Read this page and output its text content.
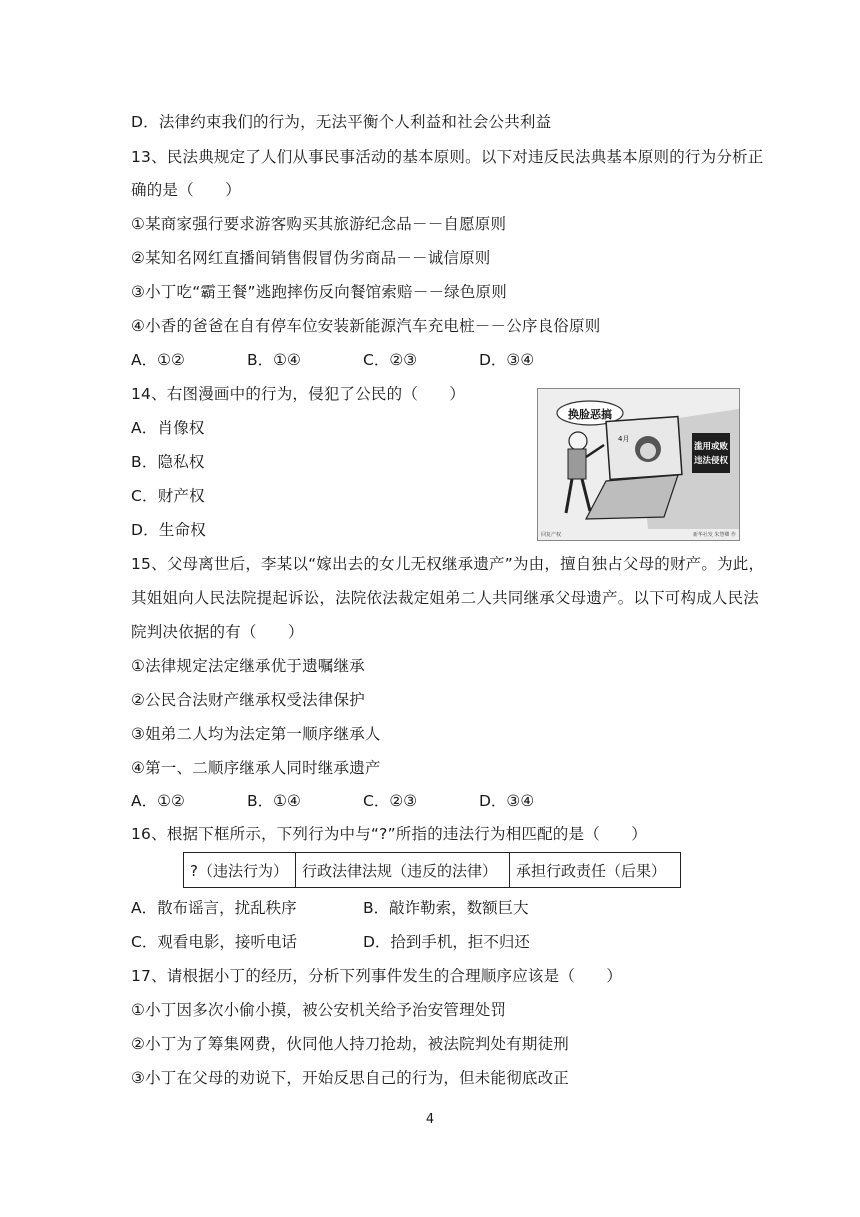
D．法律约束我们的行为，无法平衡个人利益和社会公共利益
13、民法典规定了人们从事民事活动的基本原则。以下对违反民法典基本原则的行为分析正
确的是（　　）
①某商家强行要求游客购买其旅游纪念品－－自愿原则
②某知名网红直播间销售假冒伪劣商品－－诚信原则
③小丁吃“霸王餐”逃跑摔伤反向餐馆索赔－－绿色原则
④小香的爸爸在自有停车位安装新能源汽车充电桩－－公序良俗原则
A．①②	B．①④	C．②③	D．③④
14、右图漫画中的行为，侵犯了公民的（　　）
A．肖像权
B．隐私权
C．财产权
D．生命权
换脸恶搞
4月
滥用或败
违法侵权
回复产权	新华社发 朱慧卿 作
15、父母离世后，李某以“嫁出去的女儿无权继承遗产”为由，擅自独占父母的财产。为此，
其姐姐向人民法院提起诉讼，法院依法裁定姐弟二人共同继承父母遗产。以下可构成人民法
院判决依据的有（　　）
①法律规定法定继承优于遗嘱继承
②公民合法财产继承权受法律保护
③姐弟二人均为法定第一顺序继承人
④第一、二顺序继承人同时继承遗产
A．①②	B．①④	C．②③	D．③④
16、根据下框所示，下列行为中与“?”所指的违法行为相匹配的是（　　）
?（违法行为） 行政法律法规（违反的法律）	承担行政责任（后果）
A．散布谣言，扰乱秩序	B．敲诈勒索，数额巨大
C．观看电影，接听电话	D．拾到手机，拒不归还
17、请根据小丁的经历，分析下列事件发生的合理顺序应该是（　　）
①小丁因多次小偷小摸，被公安机关给予治安管理处罚
②小丁为了筹集网费，伙同他人持刀抢劫，被法院判处有期徒刑
③小丁在父母的劝说下，开始反思自己的行为，但未能彻底改正
4
